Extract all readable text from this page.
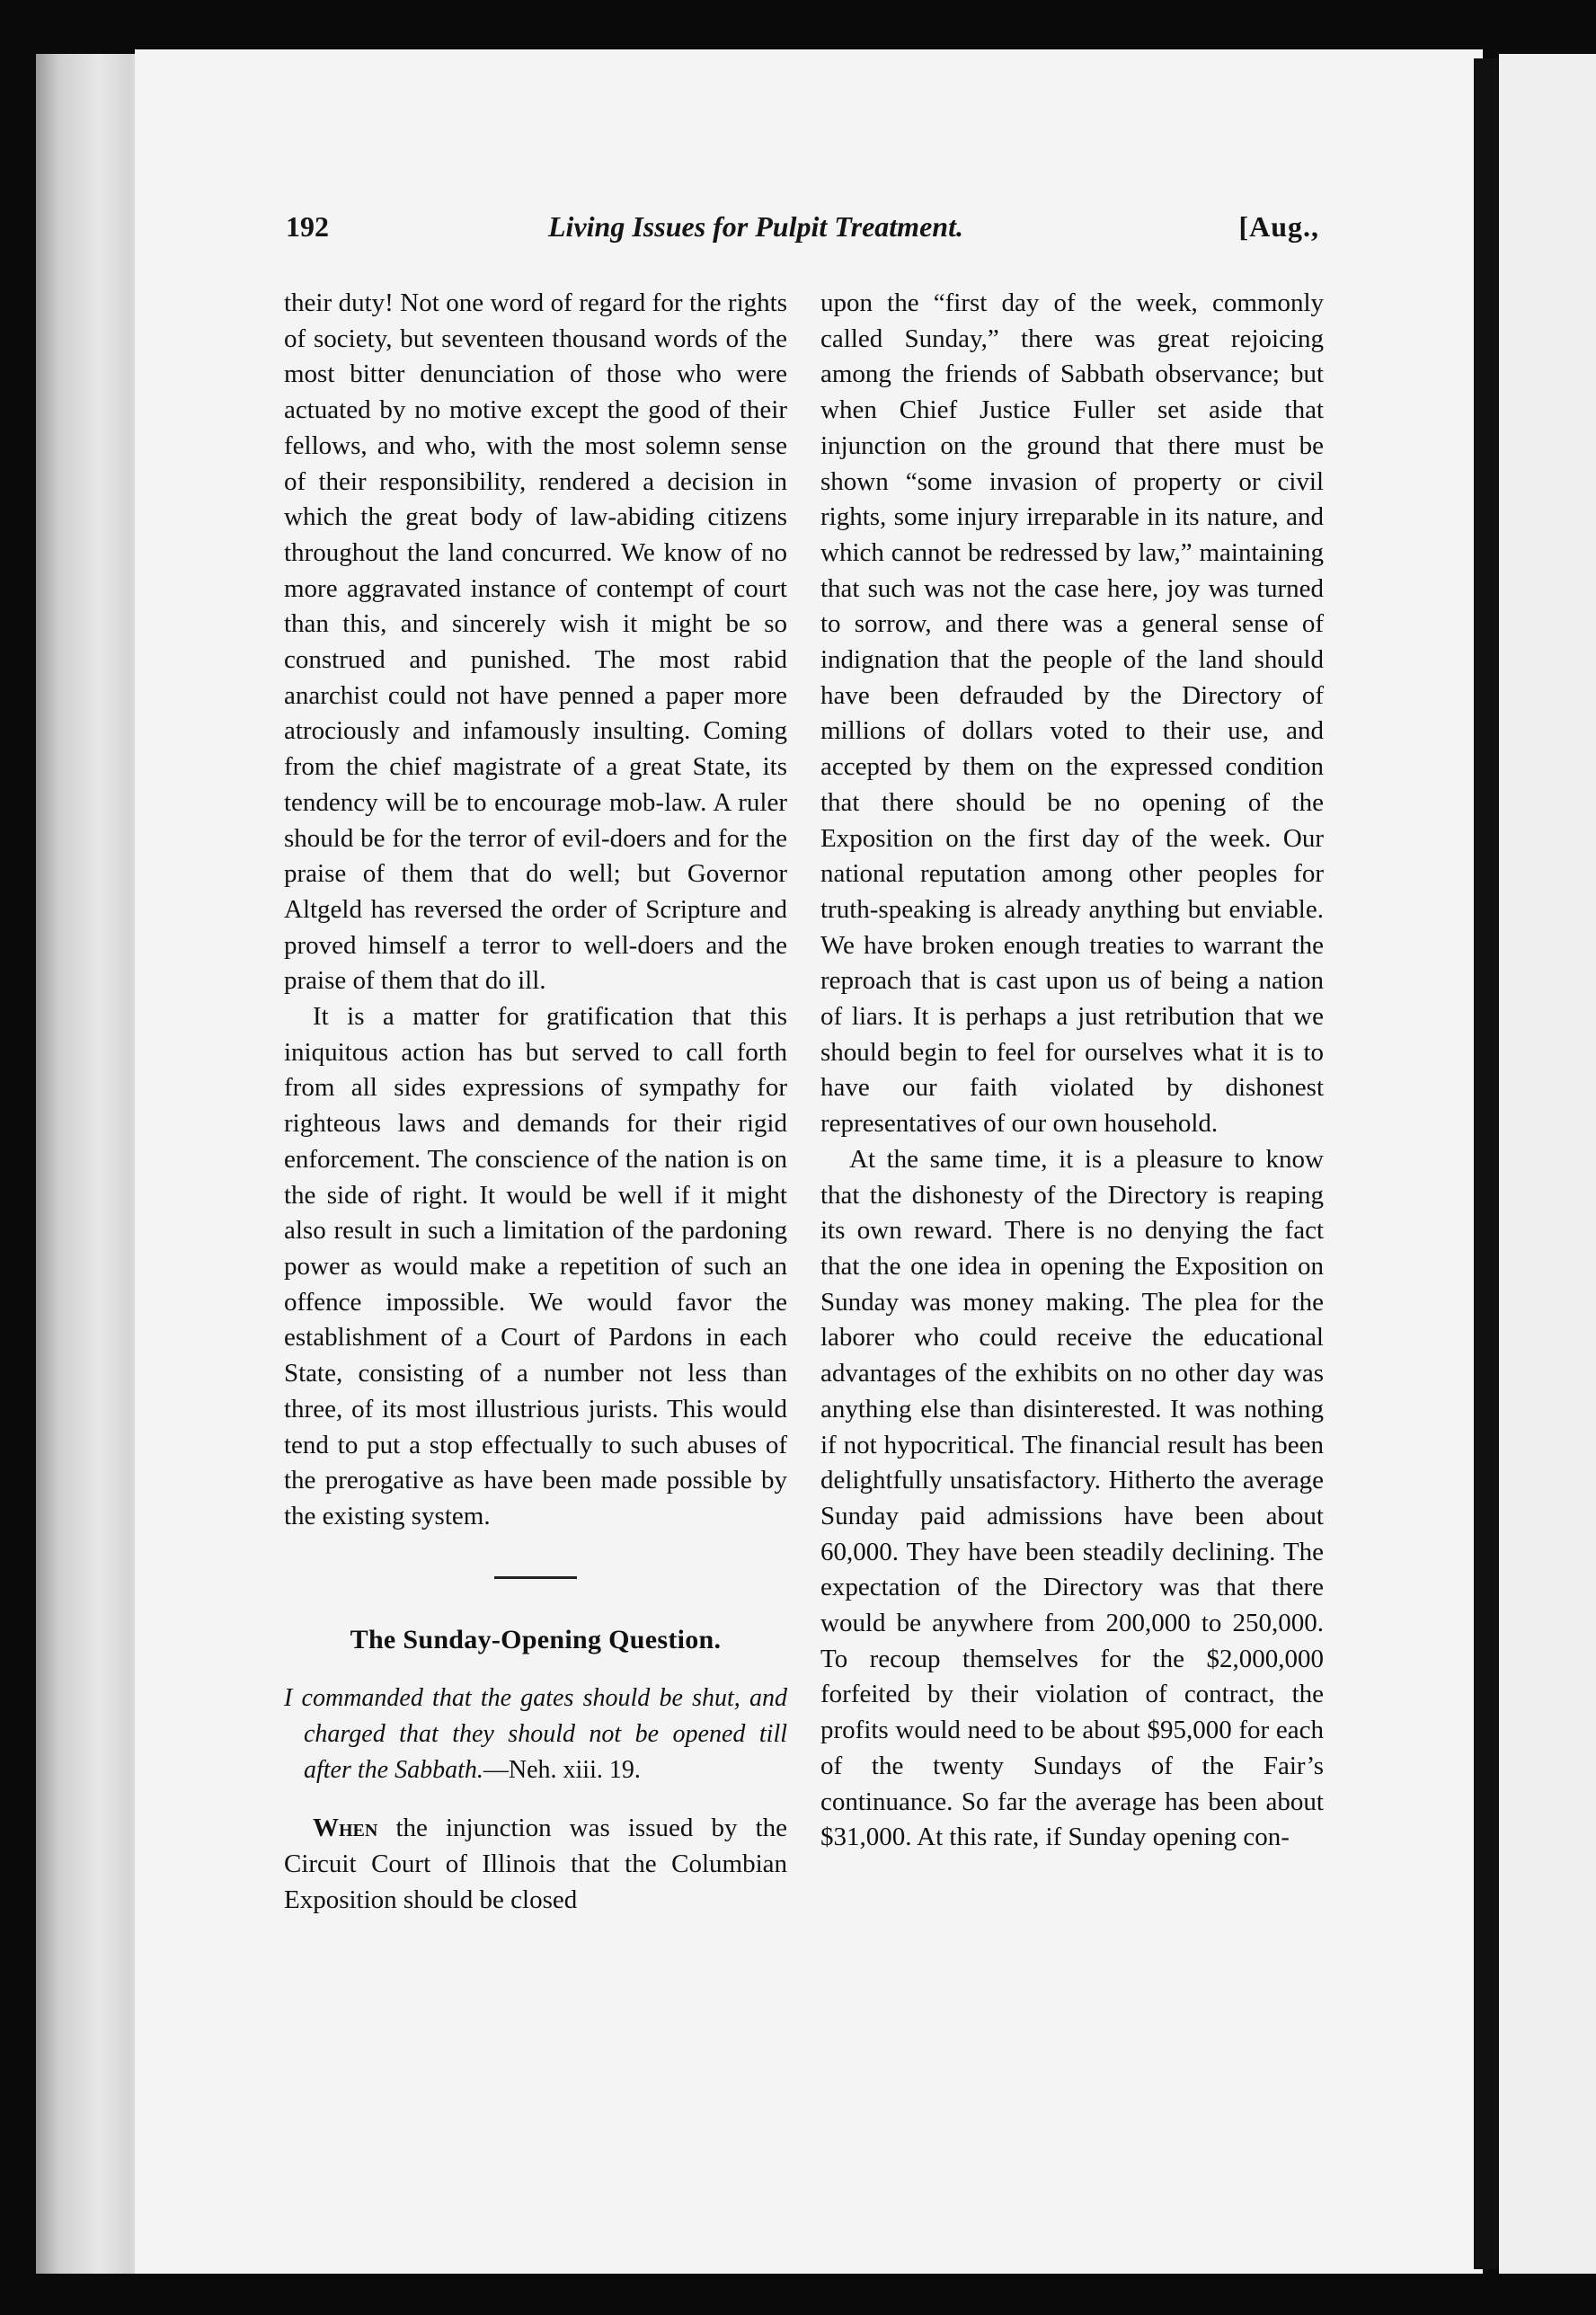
192	Living Issues for Pulpit Treatment.	[Aug.,

their duty! Not one word of regard for the rights of society, but seventeen thousand words of the most bitter denunciation of those who were actuated by no motive except the good of their fellows, and who, with the most solemn sense of their responsibility, rendered a decision in which the great body of law-abiding citizens throughout the land concurred. We know of no more aggravated instance of contempt of court than this, and sincerely wish it might be so construed and punished. The most rabid anarchist could not have penned a paper more atrociously and infamously insulting. Coming from the chief magistrate of a great State, its tendency will be to encourage mob-law. A ruler should be for the terror of evil-doers and for the praise of them that do well; but Governor Altgeld has reversed the order of Scripture and proved himself a terror to well-doers and the praise of them that do ill.

It is a matter for gratification that this iniquitous action has but served to call forth from all sides expressions of sympathy for righteous laws and demands for their rigid enforcement. The conscience of the nation is on the side of right. It would be well if it might also result in such a limitation of the pardoning power as would make a repetition of such an offence impossible. We would favor the establishment of a Court of Pardons in each State, consisting of a number not less than three, of its most illustrious jurists. This would tend to put a stop effectually to such abuses of the prerogative as have been made possible by the existing system.

The Sunday-Opening Question.

I commanded that the gates should be shut, and charged that they should not be opened till after the Sabbath.—Neh. xiii. 19.

When the injunction was issued by the Circuit Court of Illinois that the Columbian Exposition should be closed

upon the “first day of the week, commonly called Sunday,” there was great rejoicing among the friends of Sabbath observance; but when Chief Justice Fuller set aside that injunction on the ground that there must be shown “some invasion of property or civil rights, some injury irreparable in its nature, and which cannot be redressed by law,” maintaining that such was not the case here, joy was turned to sorrow, and there was a general sense of indignation that the people of the land should have been defrauded by the Directory of millions of dollars voted to their use, and accepted by them on the expressed condition that there should be no opening of the Exposition on the first day of the week. Our national reputation among other peoples for truth-speaking is already anything but enviable. We have broken enough treaties to warrant the reproach that is cast upon us of being a nation of liars. It is perhaps a just retribution that we should begin to feel for ourselves what it is to have our faith violated by dishonest representatives of our own household.

At the same time, it is a pleasure to know that the dishonesty of the Directory is reaping its own reward. There is no denying the fact that the one idea in opening the Exposition on Sunday was money making. The plea for the laborer who could receive the educational advantages of the exhibits on no other day was anything else than disinterested. It was nothing if not hypocritical. The financial result has been delightfully unsatisfactory. Hitherto the average Sunday paid admissions have been about 60,000. They have been steadily declining. The expectation of the Directory was that there would be anywhere from 200,000 to 250,000. To recoup themselves for the $2,000,000 forfeited by their violation of contract, the profits would need to be about $95,000 for each of the twenty Sundays of the Fair’s continuance. So far the average has been about $31,000. At this rate, if Sunday opening con-
